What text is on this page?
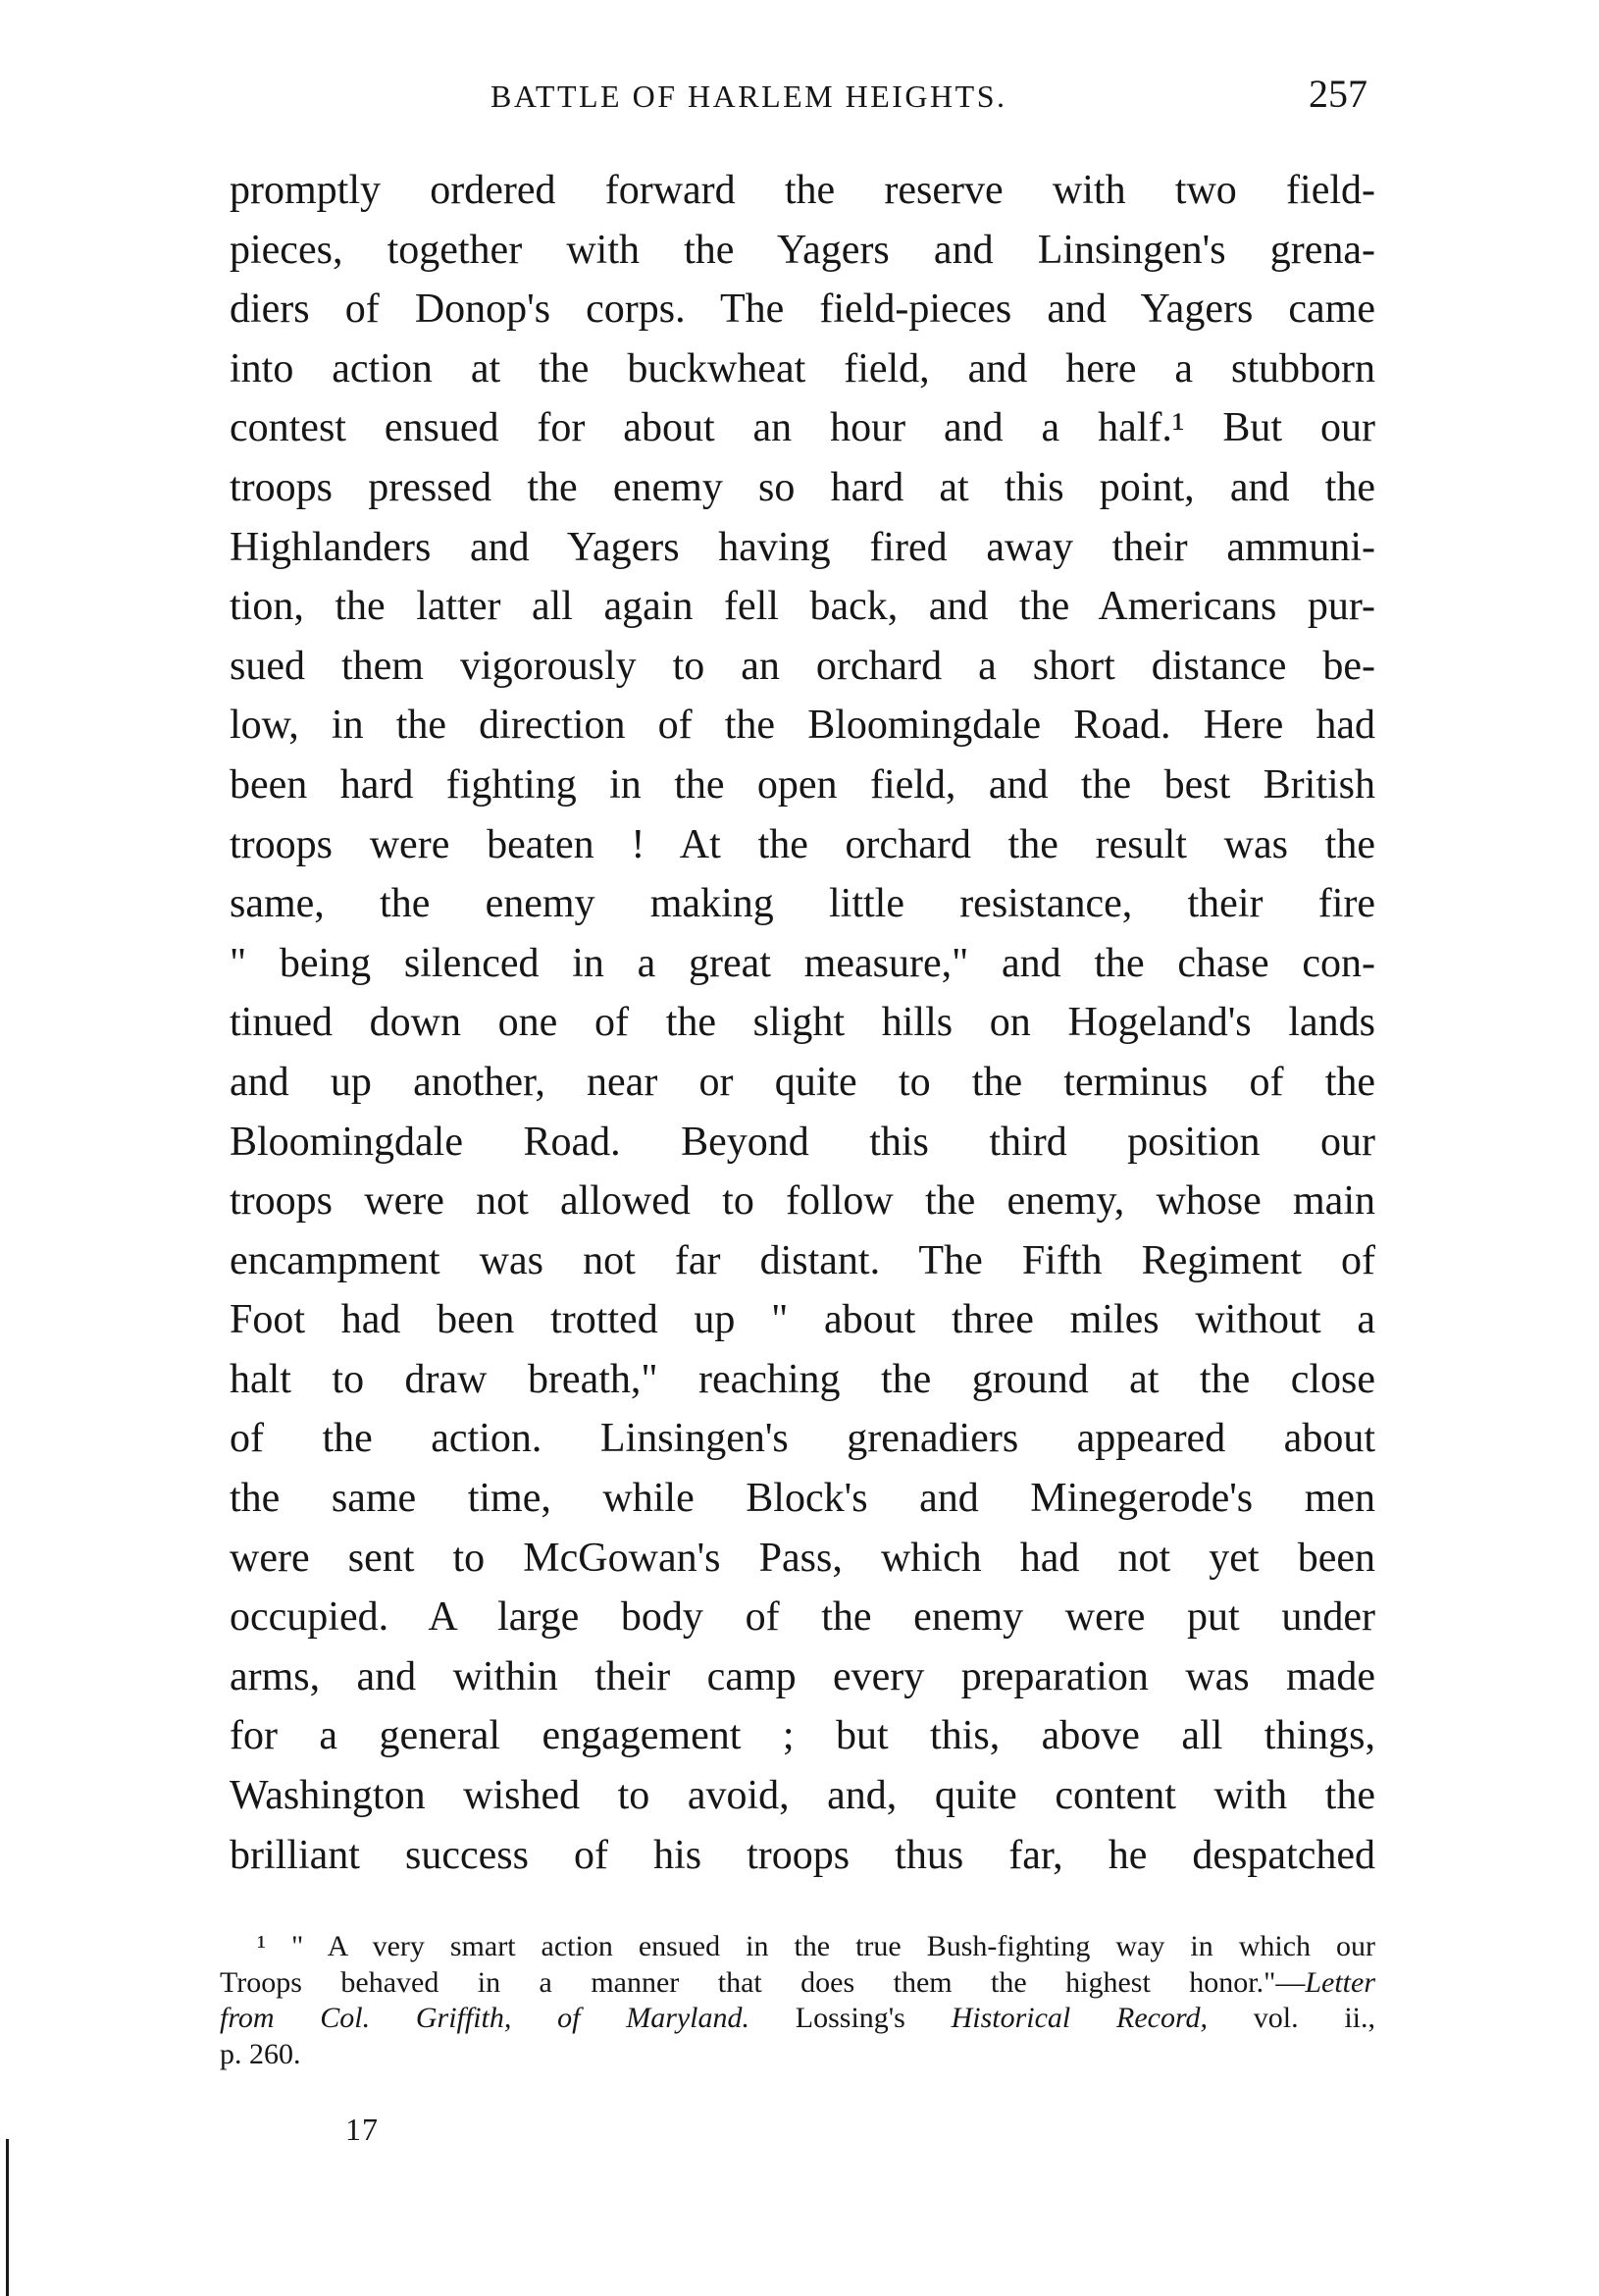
BATTLE OF HARLEM HEIGHTS.	257
promptly ordered forward the reserve with two field-
pieces, together with the Yagers and Linsingen's grena-
diers of Donop's corps. The field-pieces and Yagers came
into action at the buckwheat field, and here a stubborn
contest ensued for about an hour and a half.¹ But our
troops pressed the enemy so hard at this point, and the
Highlanders and Yagers having fired away their ammuni-
tion, the latter all again fell back, and the Americans pur-
sued them vigorously to an orchard a short distance be-
low, in the direction of the Bloomingdale Road. Here had
been hard fighting in the open field, and the best British
troops were beaten ! At the orchard the result was the
same, the enemy making little resistance, their fire
" being silenced in a great measure," and the chase con-
tinued down one of the slight hills on Hogeland's lands
and up another, near or quite to the terminus of the
Bloomingdale Road. Beyond this third position our
troops were not allowed to follow the enemy, whose main
encampment was not far distant. The Fifth Regiment of
Foot had been trotted up " about three miles without a
halt to draw breath," reaching the ground at the close
of the action. Linsingen's grenadiers appeared about
the same time, while Block's and Minegerode's men
were sent to McGowan's Pass, which had not yet been
occupied. A large body of the enemy were put under
arms, and within their camp every preparation was made
for a general engagement ; but this, above all things,
Washington wished to avoid, and, quite content with the
brilliant success of his troops thus far, he despatched
¹ " A very smart action ensued in the true Bush-fighting way in which our
Troops behaved in a manner that does them the highest honor."—Letter
from Col. Griffith, of Maryland. Lossing's Historical Record, vol. ii.,
p. 260.
17
